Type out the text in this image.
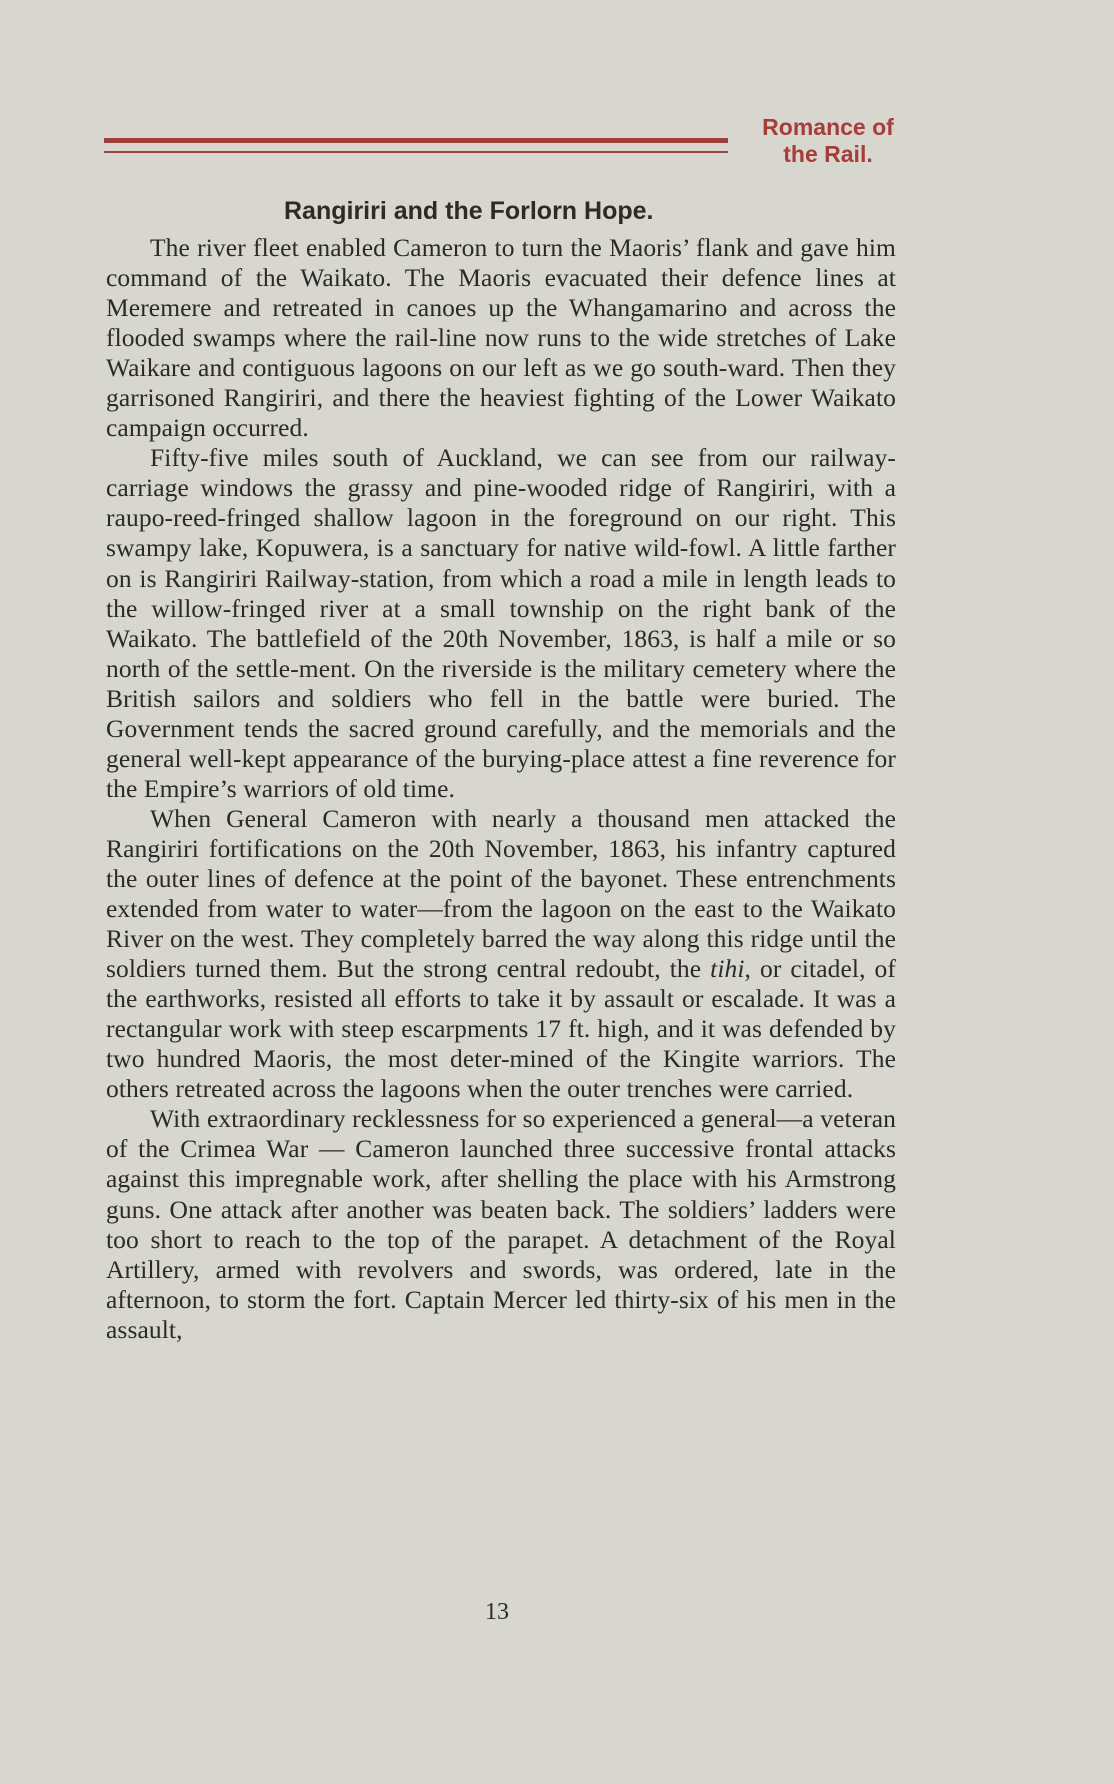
Romance of
the Rail.
Rangiriri and the Forlorn Hope.

The river fleet enabled Cameron to turn the Maoris’ flank and gave him command of the Waikato. The Maoris evacuated their defence lines at Meremere and retreated in canoes up the Whangamarino and across the flooded swamps where the rail-line now runs to the wide stretches of Lake Waikare and contiguous lagoons on our left as we go south-ward. Then they garrisoned Rangiriri, and there the heaviest fighting of the Lower Waikato campaign occurred.

Fifty-five miles south of Auckland, we can see from our railway-carriage windows the grassy and pine-wooded ridge of Rangiriri, with a raupo-reed-fringed shallow lagoon in the foreground on our right. This swampy lake, Kopuwera, is a sanctuary for native wild-fowl. A little farther on is Rangiriri Railway-station, from which a road a mile in length leads to the willow-fringed river at a small township on the right bank of the Waikato. The battlefield of the 20th November, 1863, is half a mile or so north of the settle-ment. On the riverside is the military cemetery where the British sailors and soldiers who fell in the battle were buried. The Government tends the sacred ground carefully, and the memorials and the general well-kept appearance of the burying-place attest a fine reverence for the Empire’s warriors of old time.

When General Cameron with nearly a thousand men attacked the Rangiriri fortifications on the 20th November, 1863, his infantry captured the outer lines of defence at the point of the bayonet. These entrenchments extended from water to water—from the lagoon on the east to the Waikato River on the west. They completely barred the way along this ridge until the soldiers turned them. But the strong central redoubt, the tihi, or citadel, of the earthworks, resisted all efforts to take it by assault or escalade. It was a rectangular work with steep escarpments 17 ft. high, and it was defended by two hundred Maoris, the most deter-mined of the Kingite warriors. The others retreated across the lagoons when the outer trenches were carried.

With extraordinary recklessness for so experienced a general—a veteran of the Crimea War — Cameron launched three successive frontal attacks against this impregnable work, after shelling the place with his Armstrong guns. One attack after another was beaten back. The soldiers’ ladders were too short to reach to the top of the parapet. A detachment of the Royal Artillery, armed with revolvers and swords, was ordered, late in the afternoon, to storm the fort. Captain Mercer led thirty-six of his men in the assault,

13
